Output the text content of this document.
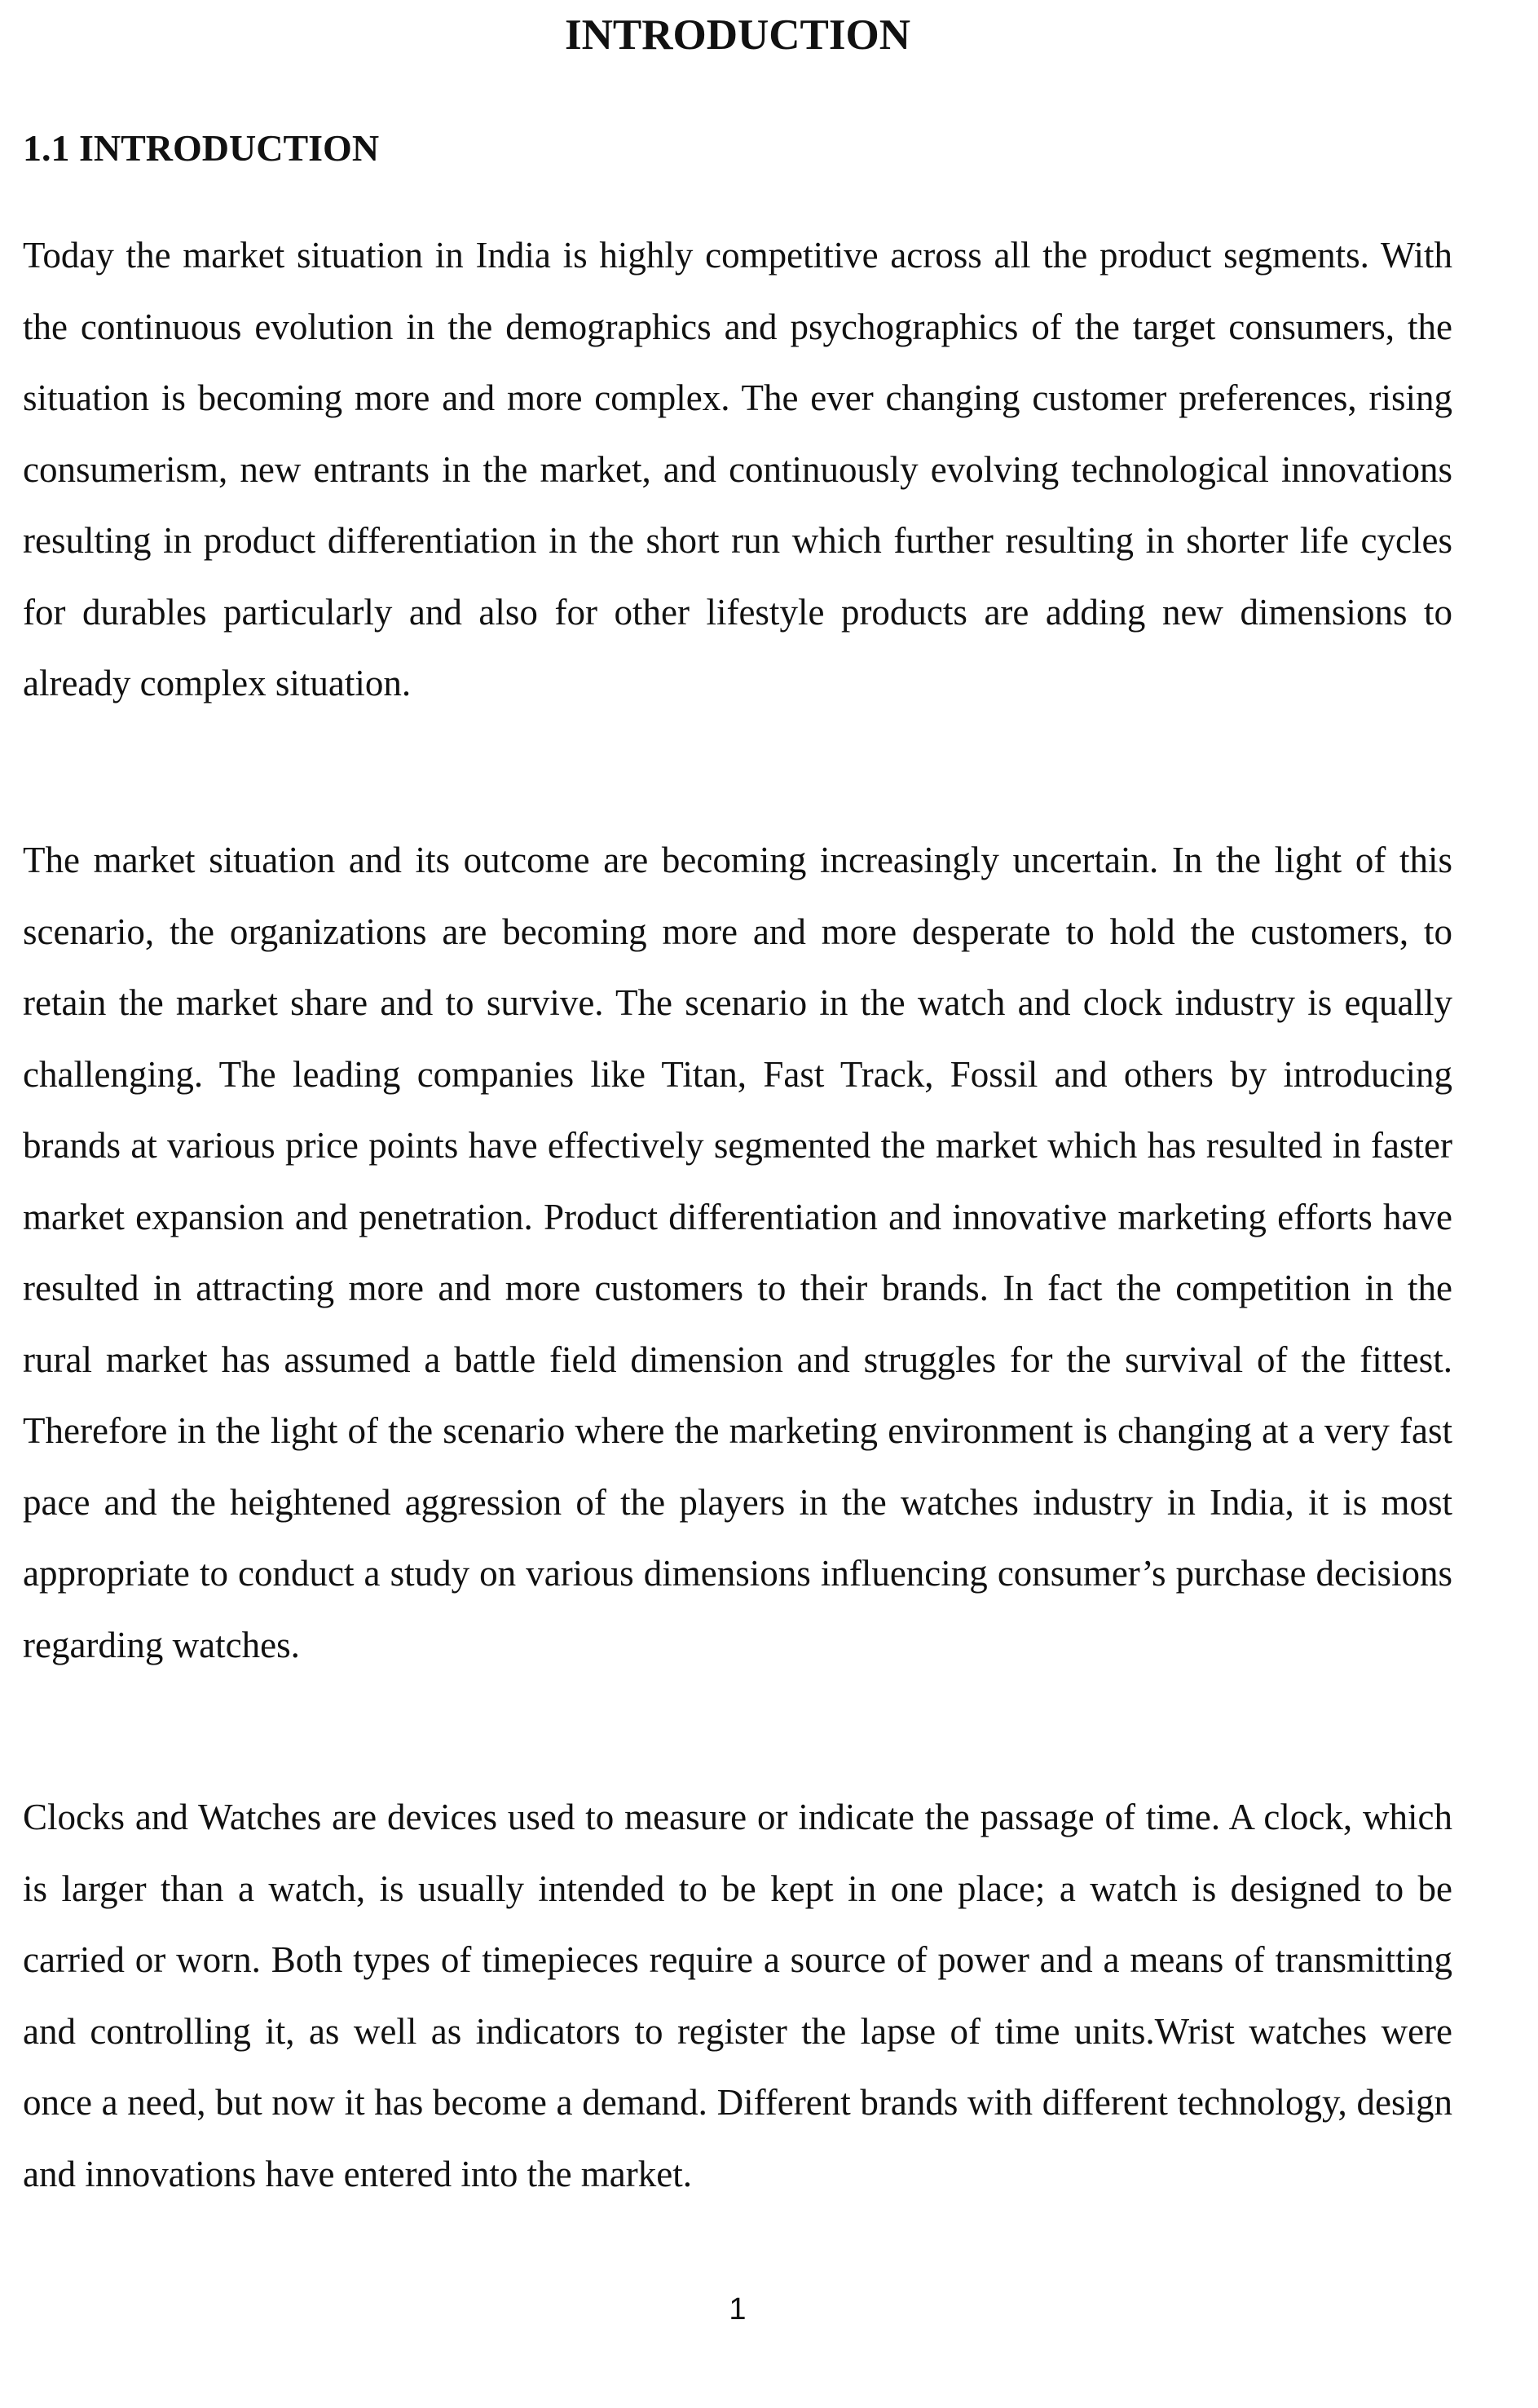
INTRODUCTION
1.1 INTRODUCTION

Today the market situation in India is highly competitive across all the product segments. With the continuous evolution in the demographics and psychographics of the target consumers, the situation is becoming more and more complex. The ever changing customer preferences, rising consumerism, new entrants in the market, and continuously evolving technological innovations resulting in product differentiation in the short run which further resulting in shorter life cycles for durables particularly and also for other lifestyle products are adding new dimensions to already complex situation.

The market situation and its outcome are becoming increasingly uncertain. In the light of this scenario, the organizations are becoming more and more desperate to hold the customers, to retain the market share and to survive. The scenario in the watch and clock industry is equally challenging. The leading companies like Titan, Fast Track, Fossil and others by introducing brands at various price points have effectively segmented the market which has resulted in faster market expansion and penetration. Product differentiation and innovative marketing efforts have resulted in attracting more and more customers to their brands. In fact the competition in the rural market has assumed a battle field dimension and struggles for the survival of the fittest. Therefore in the light of the scenario where the marketing environment is changing at a very fast pace and the heightened aggression of the players in the watches industry in India, it is most appropriate to conduct a study on various dimensions influencing consumer’s purchase decisions regarding watches.

Clocks and Watches are devices used to measure or indicate the passage of time. A clock, which is larger than a watch, is usually intended to be kept in one place; a watch is designed to be carried or worn. Both types of timepieces require a source of power and a means of transmitting and controlling it, as well as indicators to register the lapse of time units.Wrist watches were once a need, but now it has become a demand. Different brands with different technology, design and innovations have entered into the market.

1
